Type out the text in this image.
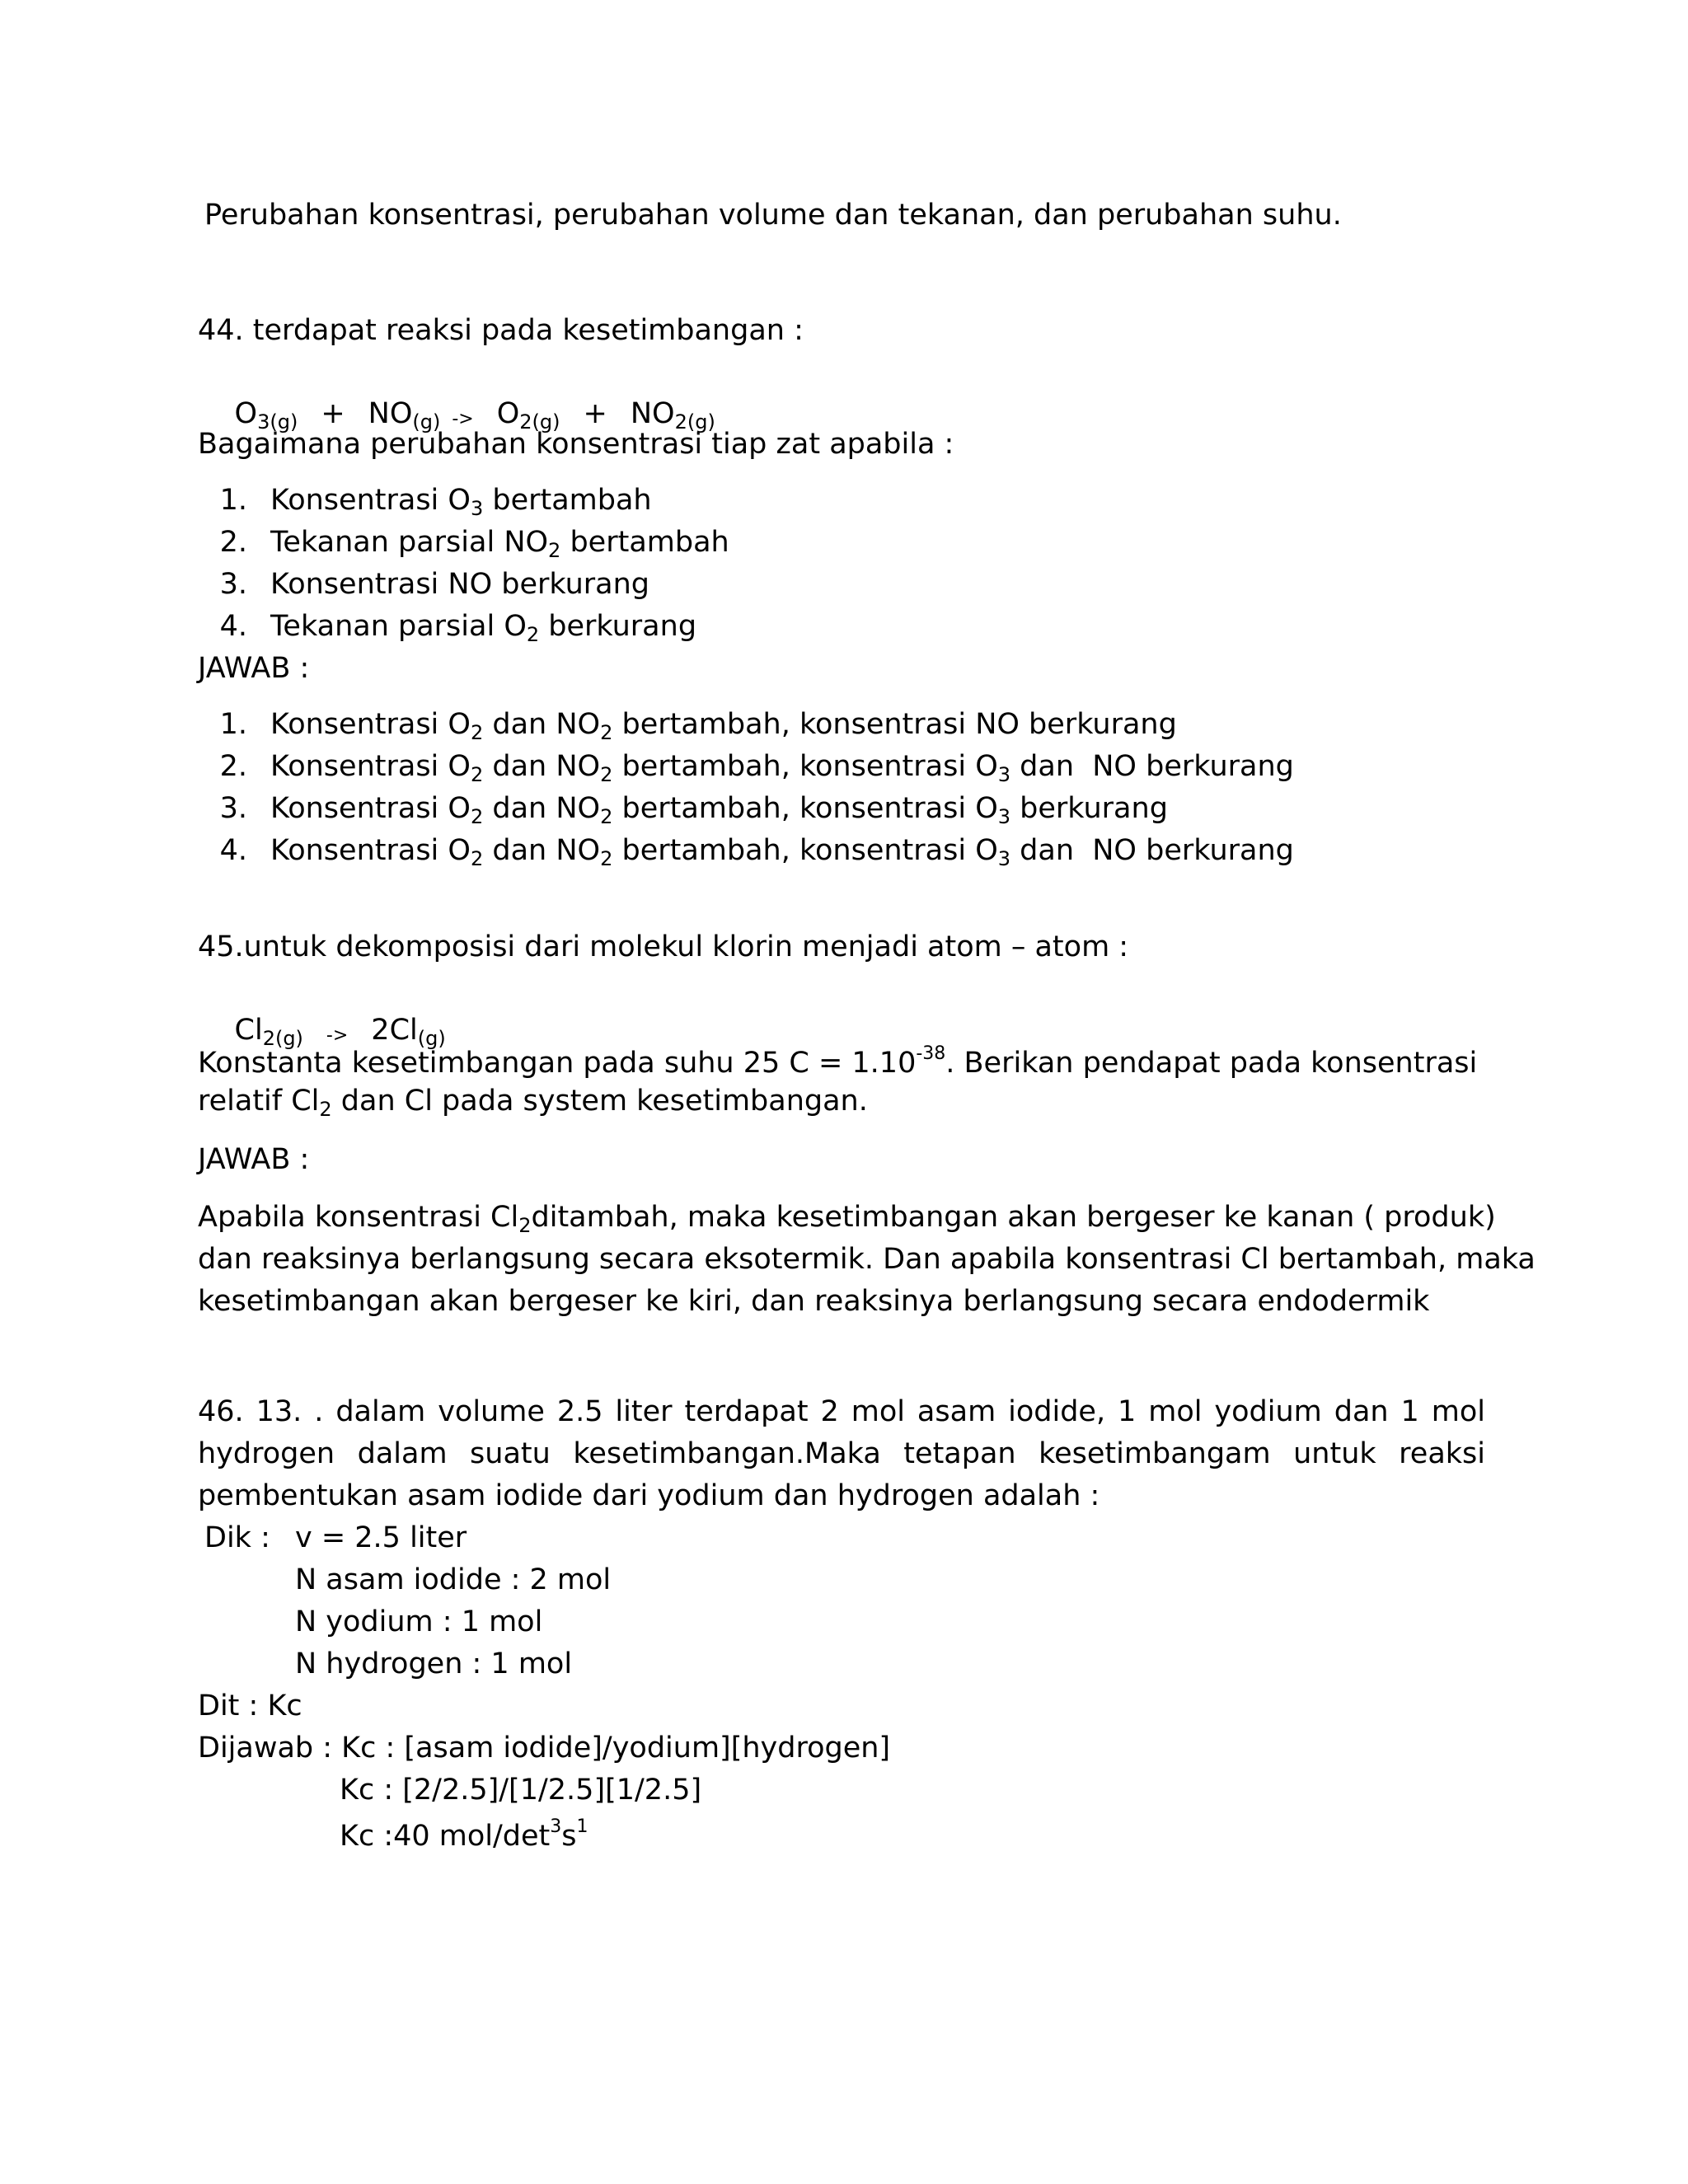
Perubahan konsentrasi, perubahan volume dan tekanan, dan perubahan suhu.
44. terdapat reaksi pada kesetimbangan :

$O_{3(g)} + NO_{(g)} -> O_{2(g)} + NO_{2(g)}$

Bagaimana perubahan konsentrasi tiap zat apabila :
1. Konsentrasi $O_3$ bertambah
2. Tekanan parsial $NO_2$ bertambah
3. Konsentrasi NO berkurang
4. Tekanan parsial $O_2$ berkurang
JAWAB :
1. Konsentrasi $O_2$ dan $NO_2$ bertambah, konsentrasi NO berkurang
2. Konsentrasi $O_2$ dan $NO_2$ bertambah, konsentrasi $O_3$ dan  NO berkurang
3. Konsentrasi $O_2$ dan $NO_2$ bertambah, konsentrasi $O_3$ berkurang
4. Konsentrasi $O_2$ dan $NO_2$ bertambah, konsentrasi $O_3$ dan  NO berkurang
45.untuk dekomposisi dari molekul klorin menjadi atom – atom :

$Cl_{2(g)} -> 2Cl_{(g)}$

Konstanta kesetimbangan pada suhu 25 $C = 1.10^{-38}$. Berikan pendapat pada konsentrasi
relatif $Cl_2$ dan Cl pada system kesetimbangan.
JAWAB :
Apabila konsentrasi $Cl_2ditambah$, maka kesetimbangan akan bergeser ke kanan ( produk)
dan reaksinya berlangsung secara eksotermik. Dan apabila konsentrasi Cl bertambah, maka
kesetimbangan akan bergeser ke kiri, dan reaksinya berlangsung secara endodermik
46. 13. . dalam volume 2.5 liter terdapat 2 mol asam iodide, 1 mol yodium dan 1 mol
hydrogen dalam suatu kesetimbangan.Maka tetapan kesetimbangam untuk reaksi
pembentukan asam iodide dari yodium dan hydrogen adalah :
Dik : v = 2.5 liter
N asam iodide : 2 mol
N yodium : 1 mol
N hydrogen : 1 mol
Dit : Kc
Dijawab : Kc : [asam iodide]/yodium][hydrogen]
Kc : [2/2.5]/[1/2.5][1/2.5]
Kc :40 mol/$\det^3s^1$
